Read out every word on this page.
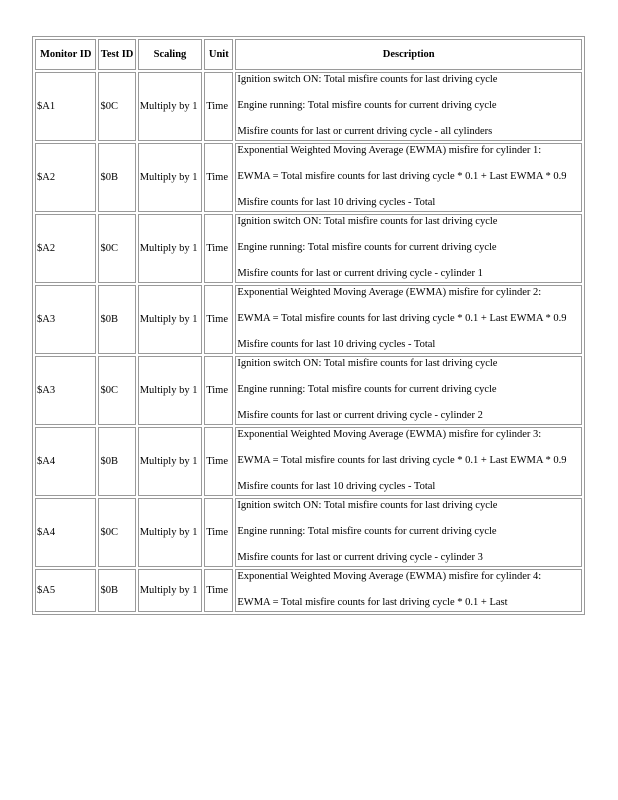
Monitor ID	Test ID	Scaling	Unit	Description
$A1	$0C	Multiply by 1	Time	Ignition switch ON: Total misfire counts for last driving cycle
Engine running: Total misfire counts for current driving cycle
Misfire counts for last or current driving cycle - all cylinders

$A2	$0B	Multiply by 1	Time	Exponential Weighted Moving Average (EWMA) misfire for cylinder 1:
EWMA = Total misfire counts for last driving cycle * 0.1 + Last EWMA * 0.9
Misfire counts for last 10 driving cycles - Total

$A2	$0C	Multiply by 1	Time	Ignition switch ON: Total misfire counts for last driving cycle
Engine running: Total misfire counts for current driving cycle
Misfire counts for last or current driving cycle - cylinder 1

$A3	$0B	Multiply by 1	Time	Exponential Weighted Moving Average (EWMA) misfire for cylinder 2:
EWMA = Total misfire counts for last driving cycle * 0.1 + Last EWMA * 0.9
Misfire counts for last 10 driving cycles - Total

$A3	$0C	Multiply by 1	Time	Ignition switch ON: Total misfire counts for last driving cycle
Engine running: Total misfire counts for current driving cycle
Misfire counts for last or current driving cycle - cylinder 2

$A4	$0B	Multiply by 1	Time	Exponential Weighted Moving Average (EWMA) misfire for cylinder 3:
EWMA = Total misfire counts for last driving cycle * 0.1 + Last EWMA * 0.9
Misfire counts for last 10 driving cycles - Total

$A4	$0C	Multiply by 1	Time	Ignition switch ON: Total misfire counts for last driving cycle
Engine running: Total misfire counts for current driving cycle
Misfire counts for last or current driving cycle - cylinder 3

$A5	$0B	Multiply by 1	Time	Exponential Weighted Moving Average (EWMA) misfire for cylinder 4:
EWMA = Total misfire counts for last driving cycle * 0.1 + Last
